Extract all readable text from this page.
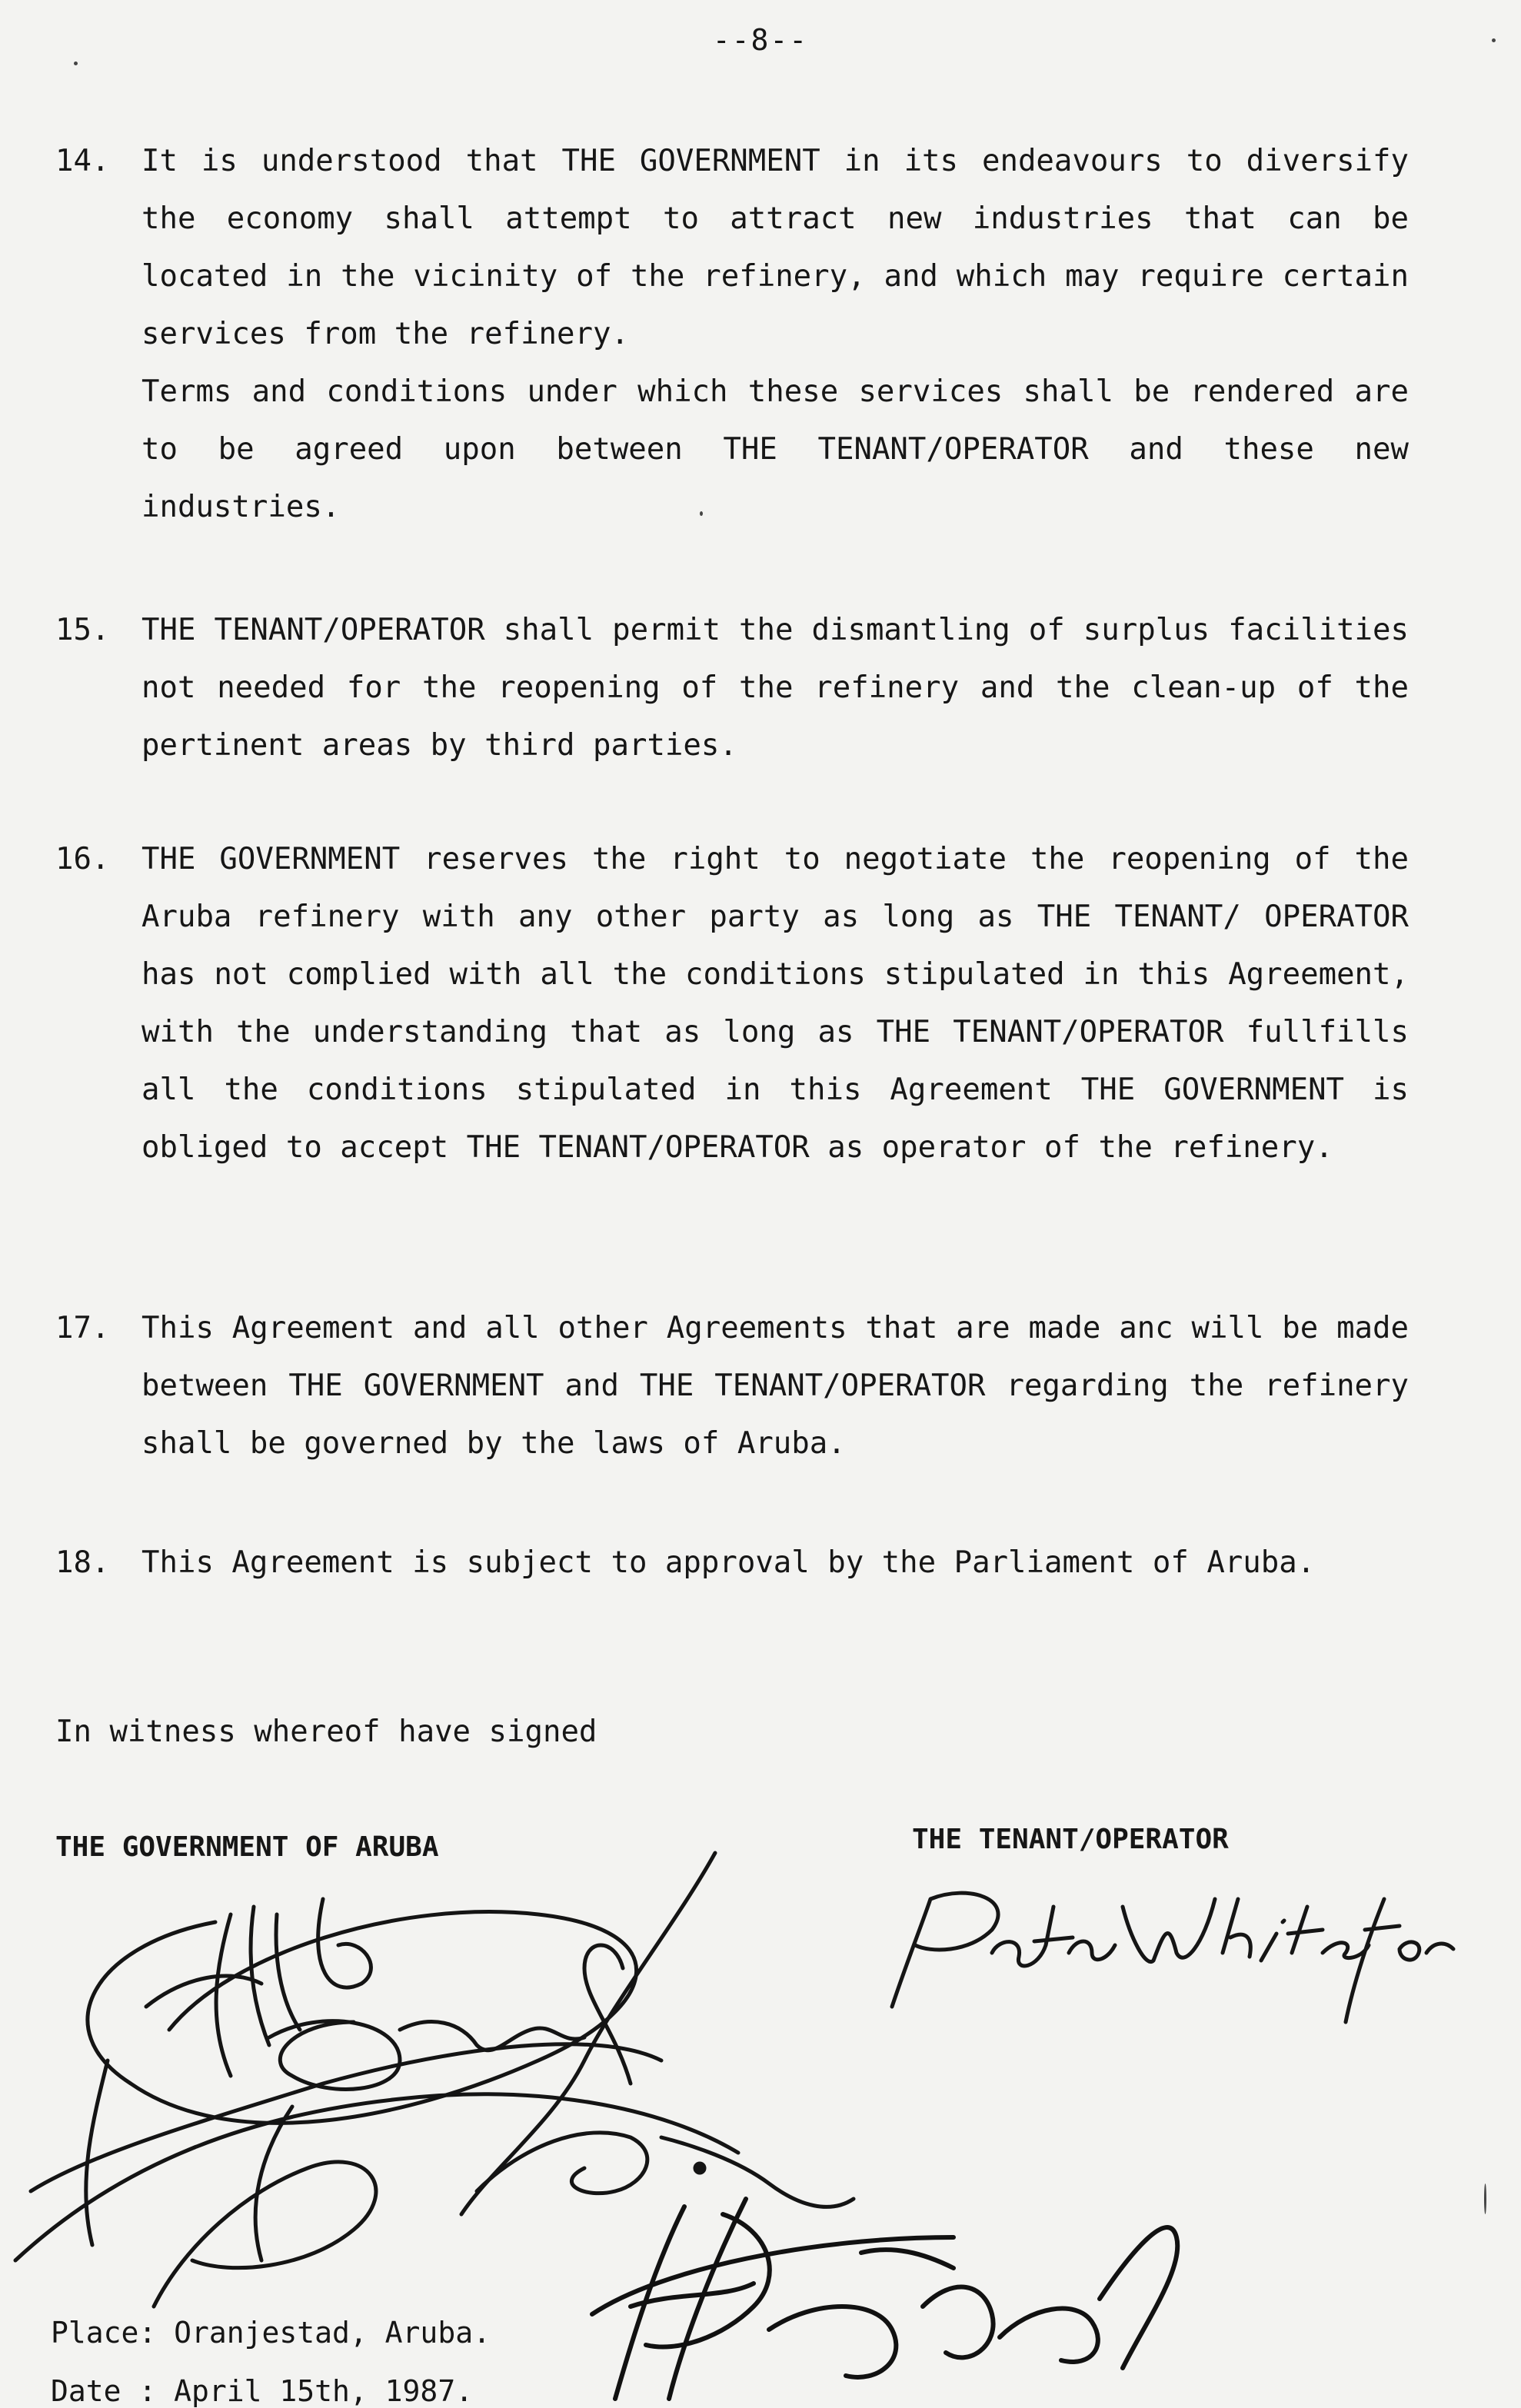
--8--
14.	It is understood that THE GOVERNMENT in its endeavours to diversify the economy shall attempt to attract new industries that can be located in the vicinity of the refinery, and which may require certain services from the refinery.

Terms and conditions under which these services shall be rendered are to be agreed upon between THE TENANT/OPERATOR and these new industries.

15.	THE TENANT/OPERATOR shall permit the dismantling of surplus facilities not needed for the reopening of the refinery and the clean-up of the pertinent areas by third parties.

16.	THE GOVERNMENT reserves the right to negotiate the reopening of the Aruba refinery with any other party as long as THE TENANT/ OPERATOR has not complied with all the conditions stipulated in this Agreement, with the understanding that as long as THE TENANT/OPERATOR fullfills all the conditions stipulated in this Agreement THE GOVERNMENT is obliged to accept THE TENANT/OPERATOR as operator of the refinery.

17.	This Agreement and all other Agreements that are made anc will be made between THE GOVERNMENT and THE TENANT/OPERATOR regarding the refinery shall be governed by the laws of Aruba.

18.	This Agreement is subject to approval by the Parliament of Aruba.

In witness whereof have signed
THE GOVERNMENT OF ARUBA	THE TENANT/OPERATOR
Place: Oranjestad, Aruba.
Date : April 15th, 1987.
